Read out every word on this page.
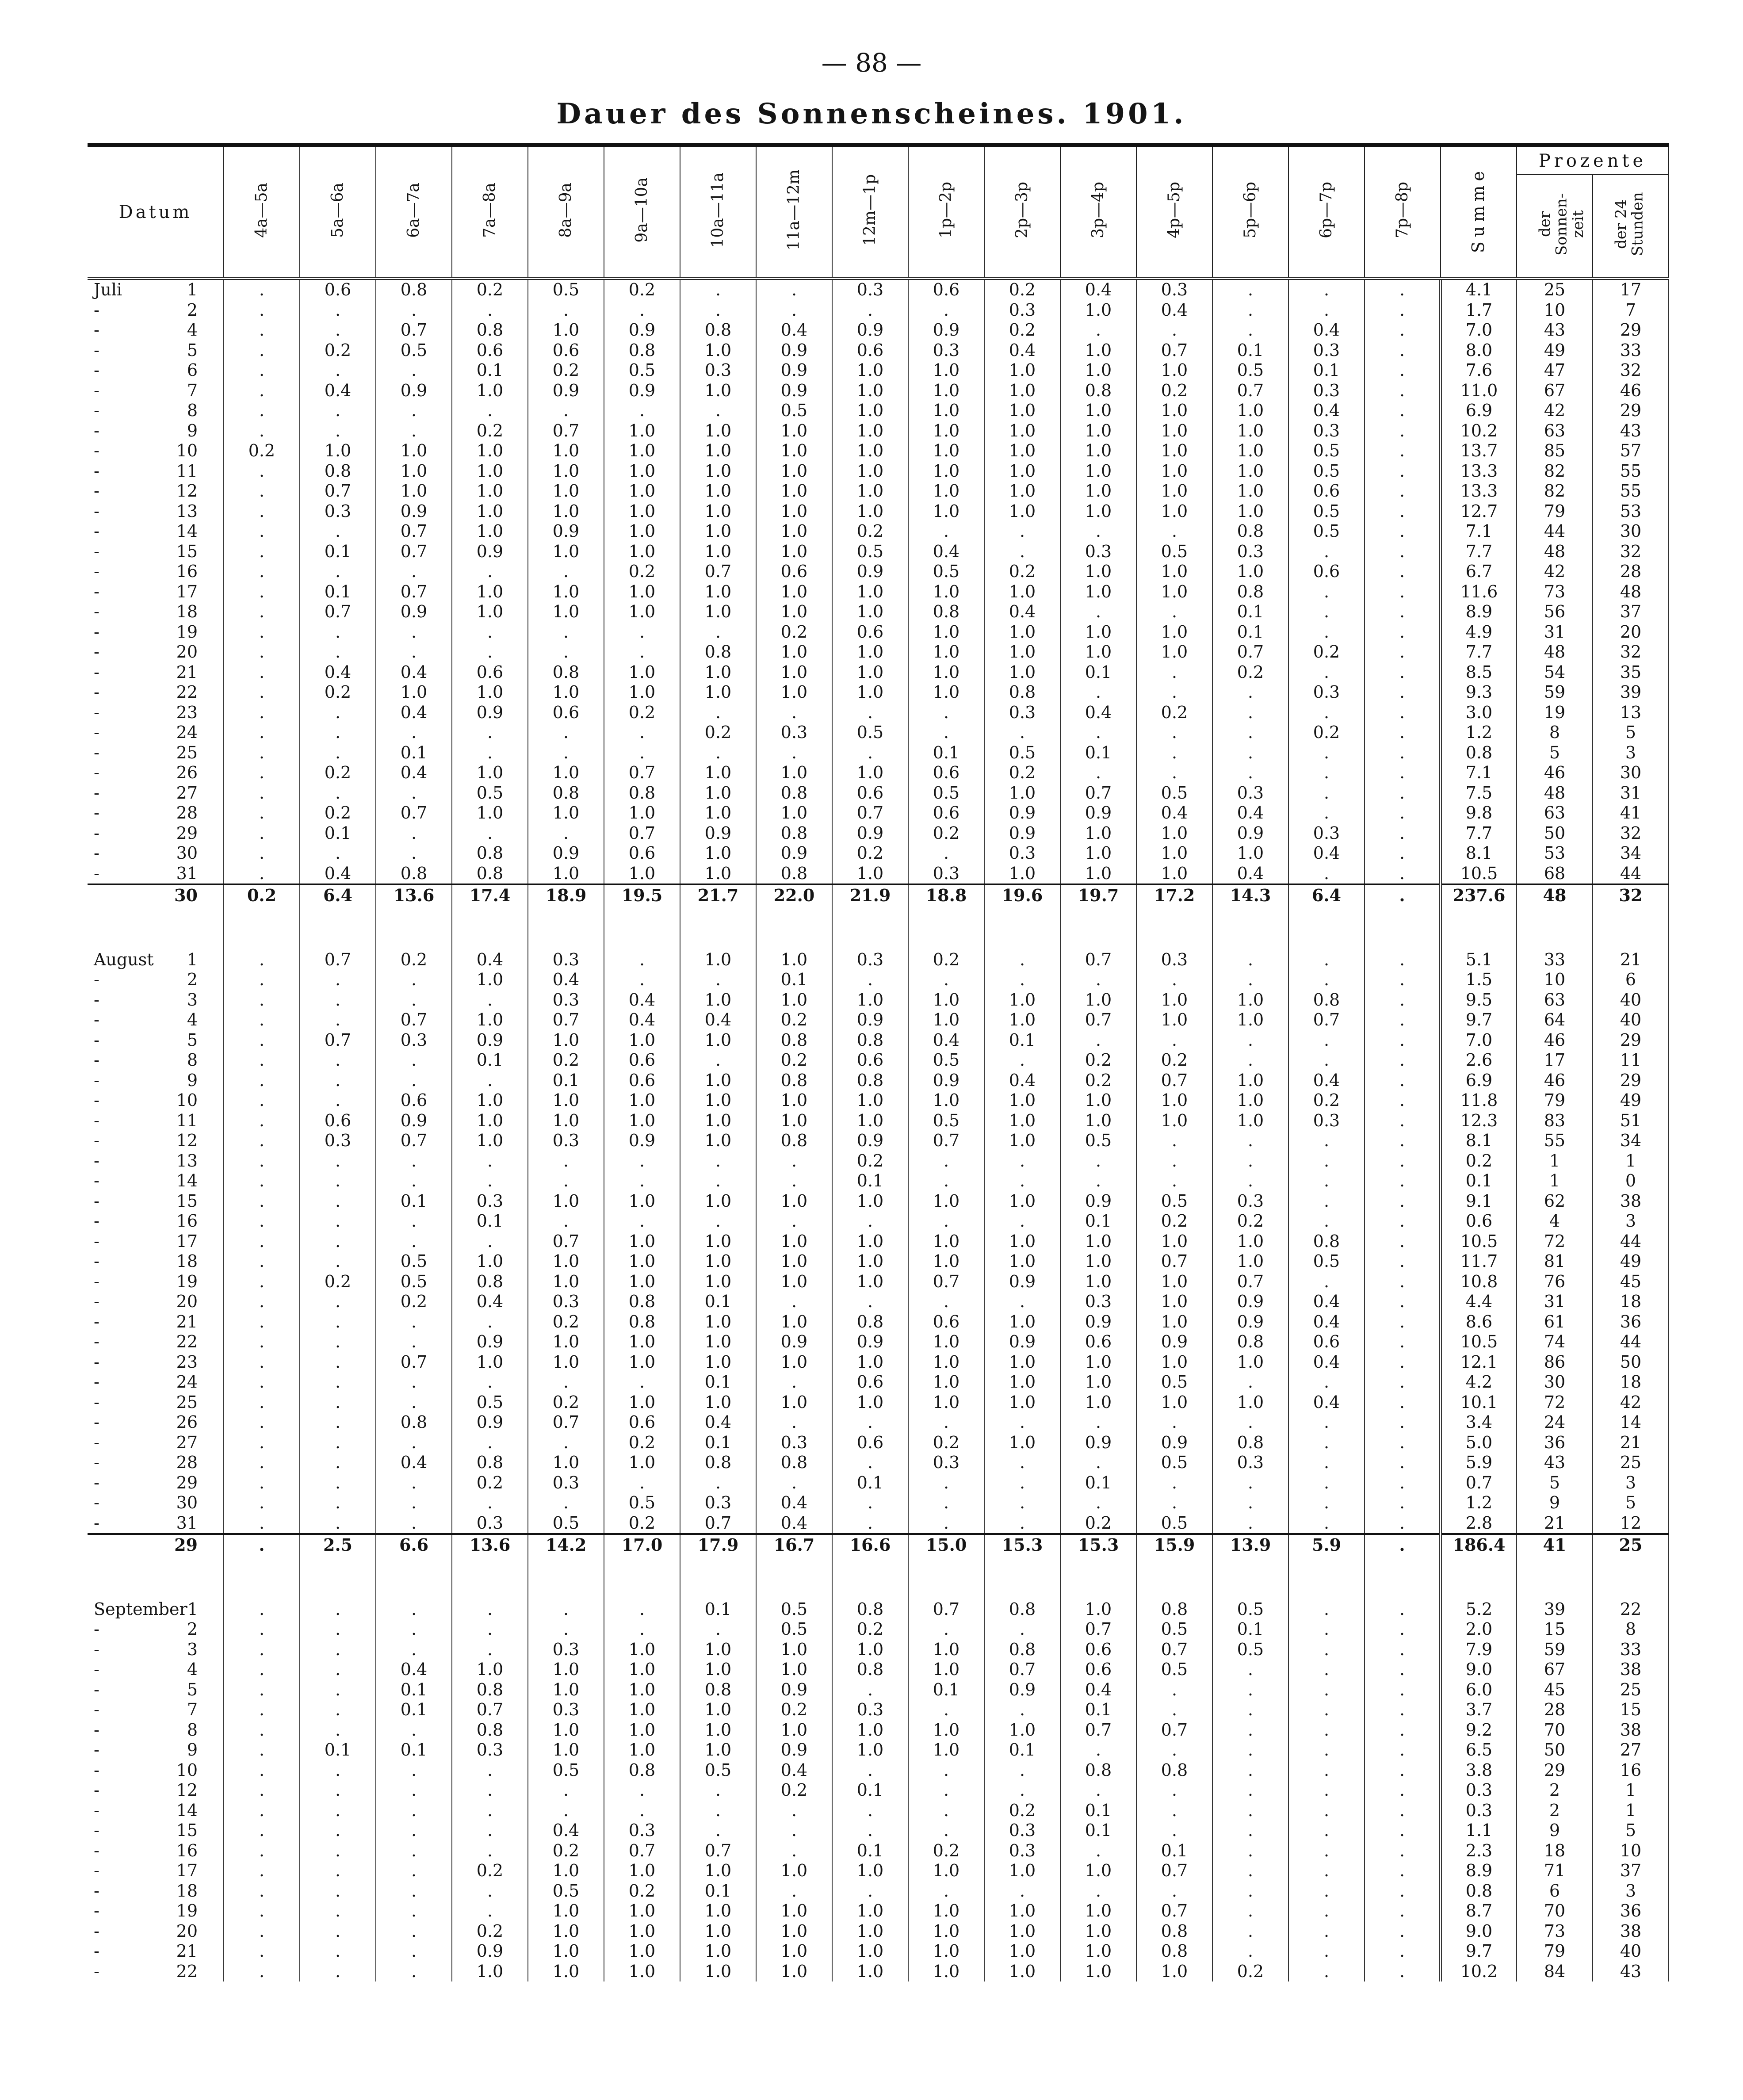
— 88 —
Dauer des Sonnenscheines. 1901.
Datum	4a—5a	5a—6a	6a—7a	7a—8a	8a—9a	9a—10a	10a—11a	11a—12m	12m—1p	1p—2p	2p—3p	3p—4p	4p—5p	5p—6p	6p—7p	7p—8p	Summe	Prozente	
																		der Sonnen-zeit	der 24 Stunden

Juli 1	.	0.6	0.8	0.2	0.5	0.2	.	.	0.3	0.6	0.2	0.4	0.3	.	.	.	4.1	25	17

- 2	.	.	.	.	.	.	.	.	.	.	0.3	1.0	0.4	.	.	.	1.7	10	7

- 4	.	.	0.7	0.8	1.0	0.9	0.8	0.4	0.9	0.9	0.2	.	.	.	0.4	.	7.0	43	29

- 5	.	0.2	0.5	0.6	0.6	0.8	1.0	0.9	0.6	0.3	0.4	1.0	0.7	0.1	0.3	.	8.0	49	33

- 6	.	.	.	0.1	0.2	0.5	0.3	0.9	1.0	1.0	1.0	1.0	1.0	0.5	0.1	.	7.6	47	32

- 7	.	0.4	0.9	1.0	0.9	0.9	1.0	0.9	1.0	1.0	1.0	0.8	0.2	0.7	0.3	.	11.0	67	46

- 8	.	.	.	.	.	.	.	0.5	1.0	1.0	1.0	1.0	1.0	1.0	0.4	.	6.9	42	29

- 9	.	.	.	0.2	0.7	1.0	1.0	1.0	1.0	1.0	1.0	1.0	1.0	1.0	0.3	.	10.2	63	43

- 10	0.2	1.0	1.0	1.0	1.0	1.0	1.0	1.0	1.0	1.0	1.0	1.0	1.0	1.0	0.5	.	13.7	85	57

- 11	.	0.8	1.0	1.0	1.0	1.0	1.0	1.0	1.0	1.0	1.0	1.0	1.0	1.0	0.5	.	13.3	82	55

- 12	.	0.7	1.0	1.0	1.0	1.0	1.0	1.0	1.0	1.0	1.0	1.0	1.0	1.0	0.6	.	13.3	82	55

- 13	.	0.3	0.9	1.0	1.0	1.0	1.0	1.0	1.0	1.0	1.0	1.0	1.0	1.0	0.5	.	12.7	79	53

- 14	.	.	0.7	1.0	0.9	1.0	1.0	1.0	0.2	.	.	.	.	0.8	0.5	.	7.1	44	30

- 15	.	0.1	0.7	0.9	1.0	1.0	1.0	1.0	0.5	0.4	.	0.3	0.5	0.3	.	.	7.7	48	32

- 16	.	.	.	.	.	0.2	0.7	0.6	0.9	0.5	0.2	1.0	1.0	1.0	0.6	.	6.7	42	28

- 17	.	0.1	0.7	1.0	1.0	1.0	1.0	1.0	1.0	1.0	1.0	1.0	1.0	0.8	.	.	11.6	73	48

- 18	.	0.7	0.9	1.0	1.0	1.0	1.0	1.0	1.0	0.8	0.4	.	.	0.1	.	.	8.9	56	37

- 19	.	.	.	.	.	.	.	0.2	0.6	1.0	1.0	1.0	1.0	0.1	.	.	4.9	31	20

- 20	.	.	.	.	.	.	0.8	1.0	1.0	1.0	1.0	1.0	1.0	0.7	0.2	.	7.7	48	32

- 21	.	0.4	0.4	0.6	0.8	1.0	1.0	1.0	1.0	1.0	1.0	0.1	.	0.2	.	.	8.5	54	35

- 22	.	0.2	1.0	1.0	1.0	1.0	1.0	1.0	1.0	1.0	0.8	.	.	.	0.3	.	9.3	59	39

- 23	.	.	0.4	0.9	0.6	0.2	.	.	.	.	0.3	0.4	0.2	.	.	.	3.0	19	13

- 24	.	.	.	.	.	.	0.2	0.3	0.5	.	.	.	.	.	0.2	.	1.2	8	5

- 25	.	.	0.1	.	.	.	.	.	.	0.1	0.5	0.1	.	.	.	.	0.8	5	3

- 26	.	0.2	0.4	1.0	1.0	0.7	1.0	1.0	1.0	0.6	0.2	.	.	.	.	.	7.1	46	30

- 27	.	.	.	0.5	0.8	0.8	1.0	0.8	0.6	0.5	1.0	0.7	0.5	0.3	.	.	7.5	48	31

- 28	.	0.2	0.7	1.0	1.0	1.0	1.0	1.0	0.7	0.6	0.9	0.9	0.4	0.4	.	.	9.8	63	41

- 29	.	0.1	.	.	.	0.7	0.9	0.8	0.9	0.2	0.9	1.0	1.0	0.9	0.3	.	7.7	50	32

- 30	.	.	.	0.8	0.9	0.6	1.0	0.9	0.2	.	0.3	1.0	1.0	1.0	0.4	.	8.1	53	34

- 31	.	0.4	0.8	0.8	1.0	1.0	1.0	0.8	1.0	0.3	1.0	1.0	1.0	0.4	.	.	10.5	68	44

30	0.2	6.4	13.6	17.4	18.9	19.5	21.7	22.0	21.9	18.8	19.6	19.7	17.2	14.3	6.4	.	237.6	48	32

August 1	.	0.7	0.2	0.4	0.3	.	1.0	1.0	0.3	0.2	.	0.7	0.3	.	.	.	5.1	33	21

- 2	.	.	.	1.0	0.4	.	.	0.1	.	.	.	.	.	.	.	.	1.5	10	6

- 3	.	.	.	.	0.3	0.4	1.0	1.0	1.0	1.0	1.0	1.0	1.0	1.0	0.8	.	9.5	63	40

- 4	.	.	0.7	1.0	0.7	0.4	0.4	0.2	0.9	1.0	1.0	0.7	1.0	1.0	0.7	.	9.7	64	40

- 5	.	0.7	0.3	0.9	1.0	1.0	1.0	0.8	0.8	0.4	0.1	.	.	.	.	.	7.0	46	29

- 8	.	.	.	0.1	0.2	0.6	.	0.2	0.6	0.5	.	0.2	0.2	.	.	.	2.6	17	11

- 9	.	.	.	.	0.1	0.6	1.0	0.8	0.8	0.9	0.4	0.2	0.7	1.0	0.4	.	6.9	46	29

- 10	.	.	0.6	1.0	1.0	1.0	1.0	1.0	1.0	1.0	1.0	1.0	1.0	1.0	0.2	.	11.8	79	49

- 11	.	0.6	0.9	1.0	1.0	1.0	1.0	1.0	1.0	0.5	1.0	1.0	1.0	1.0	0.3	.	12.3	83	51

- 12	.	0.3	0.7	1.0	0.3	0.9	1.0	0.8	0.9	0.7	1.0	0.5	.	.	.	.	8.1	55	34

- 13	.	.	.	.	.	.	.	.	0.2	.	.	.	.	.	.	.	0.2	1	1

- 14	.	.	.	.	.	.	.	.	0.1	.	.	.	.	.	.	.	0.1	1	0

- 15	.	.	0.1	0.3	1.0	1.0	1.0	1.0	1.0	1.0	1.0	0.9	0.5	0.3	.	.	9.1	62	38

- 16	.	.	.	0.1	.	.	.	.	.	.	.	0.1	0.2	0.2	.	.	0.6	4	3

- 17	.	.	.	.	0.7	1.0	1.0	1.0	1.0	1.0	1.0	1.0	1.0	1.0	0.8	.	10.5	72	44

- 18	.	.	0.5	1.0	1.0	1.0	1.0	1.0	1.0	1.0	1.0	1.0	0.7	1.0	0.5	.	11.7	81	49

- 19	.	0.2	0.5	0.8	1.0	1.0	1.0	1.0	1.0	0.7	0.9	1.0	1.0	0.7	.	.	10.8	76	45

- 20	.	.	0.2	0.4	0.3	0.8	0.1	.	.	.	.	0.3	1.0	0.9	0.4	.	4.4	31	18

- 21	.	.	.	.	0.2	0.8	1.0	1.0	0.8	0.6	1.0	0.9	1.0	0.9	0.4	.	8.6	61	36

- 22	.	.	.	0.9	1.0	1.0	1.0	0.9	0.9	1.0	0.9	0.6	0.9	0.8	0.6	.	10.5	74	44

- 23	.	.	0.7	1.0	1.0	1.0	1.0	1.0	1.0	1.0	1.0	1.0	1.0	1.0	0.4	.	12.1	86	50

- 24	.	.	.	.	.	.	0.1	.	0.6	1.0	1.0	1.0	0.5	.	.	.	4.2	30	18

- 25	.	.	.	0.5	0.2	1.0	1.0	1.0	1.0	1.0	1.0	1.0	1.0	1.0	0.4	.	10.1	72	42

- 26	.	.	0.8	0.9	0.7	0.6	0.4	.	.	.	.	.	.	.	.	.	3.4	24	14

- 27	.	.	.	.	.	0.2	0.1	0.3	0.6	0.2	1.0	0.9	0.9	0.8	.	.	5.0	36	21

- 28	.	.	0.4	0.8	1.0	1.0	0.8	0.8	.	0.3	.	.	0.5	0.3	.	.	5.9	43	25

- 29	.	.	.	0.2	0.3	.	.	.	0.1	.	.	0.1	.	.	.	.	0.7	5	3

- 30	.	.	.	.	.	0.5	0.3	0.4	.	.	.	.	.	.	.	.	1.2	9	5

- 31	.	.	.	0.3	0.5	0.2	0.7	0.4	.	.	.	0.2	0.5	.	.	.	2.8	21	12

29	.	2.5	6.6	13.6	14.2	17.0	17.9	16.7	16.6	15.0	15.3	15.3	15.9	13.9	5.9	.	186.4	41	25

September 1	.	.	.	.	.	.	0.1	0.5	0.8	0.7	0.8	1.0	0.8	0.5	.	.	5.2	39	22

- 2	.	.	.	.	.	.	.	0.5	0.2	.	.	0.7	0.5	0.1	.	.	2.0	15	8

- 3	.	.	.	.	0.3	1.0	1.0	1.0	1.0	1.0	0.8	0.6	0.7	0.5	.	.	7.9	59	33

- 4	.	.	0.4	1.0	1.0	1.0	1.0	1.0	0.8	1.0	0.7	0.6	0.5	.	.	.	9.0	67	38

- 5	.	.	0.1	0.8	1.0	1.0	0.8	0.9	.	0.1	0.9	0.4	.	.	.	.	6.0	45	25

- 7	.	.	0.1	0.7	0.3	1.0	1.0	0.2	0.3	.	.	0.1	.	.	.	.	3.7	28	15

- 8	.	.	.	0.8	1.0	1.0	1.0	1.0	1.0	1.0	1.0	0.7	0.7	.	.	.	9.2	70	38

- 9	.	0.1	0.1	0.3	1.0	1.0	1.0	0.9	1.0	1.0	0.1	.	.	.	.	.	6.5	50	27

- 10	.	.	.	.	0.5	0.8	0.5	0.4	.	.	.	0.8	0.8	.	.	.	3.8	29	16

- 12	.	.	.	.	.	.	.	0.2	0.1	.	.	.	.	.	.	.	0.3	2	1

- 14	.	.	.	.	.	.	.	.	.	.	0.2	0.1	.	.	.	.	0.3	2	1

- 15	.	.	.	.	0.4	0.3	.	.	.	.	0.3	0.1	.	.	.	.	1.1	9	5

- 16	.	.	.	.	0.2	0.7	0.7	.	0.1	0.2	0.3	.	0.1	.	.	.	2.3	18	10

- 17	.	.	.	0.2	1.0	1.0	1.0	1.0	1.0	1.0	1.0	1.0	0.7	.	.	.	8.9	71	37

- 18	.	.	.	.	0.5	0.2	0.1	.	.	.	.	.	.	.	.	.	0.8	6	3

- 19	.	.	.	.	1.0	1.0	1.0	1.0	1.0	1.0	1.0	1.0	0.7	.	.	.	8.7	70	36

- 20	.	.	.	0.2	1.0	1.0	1.0	1.0	1.0	1.0	1.0	1.0	0.8	.	.	.	9.0	73	38

- 21	.	.	.	0.9	1.0	1.0	1.0	1.0	1.0	1.0	1.0	1.0	0.8	.	.	.	9.7	79	40

- 22	.	.	.	1.0	1.0	1.0	1.0	1.0	1.0	1.0	1.0	1.0	1.0	0.2	.	.	10.2	84	43
